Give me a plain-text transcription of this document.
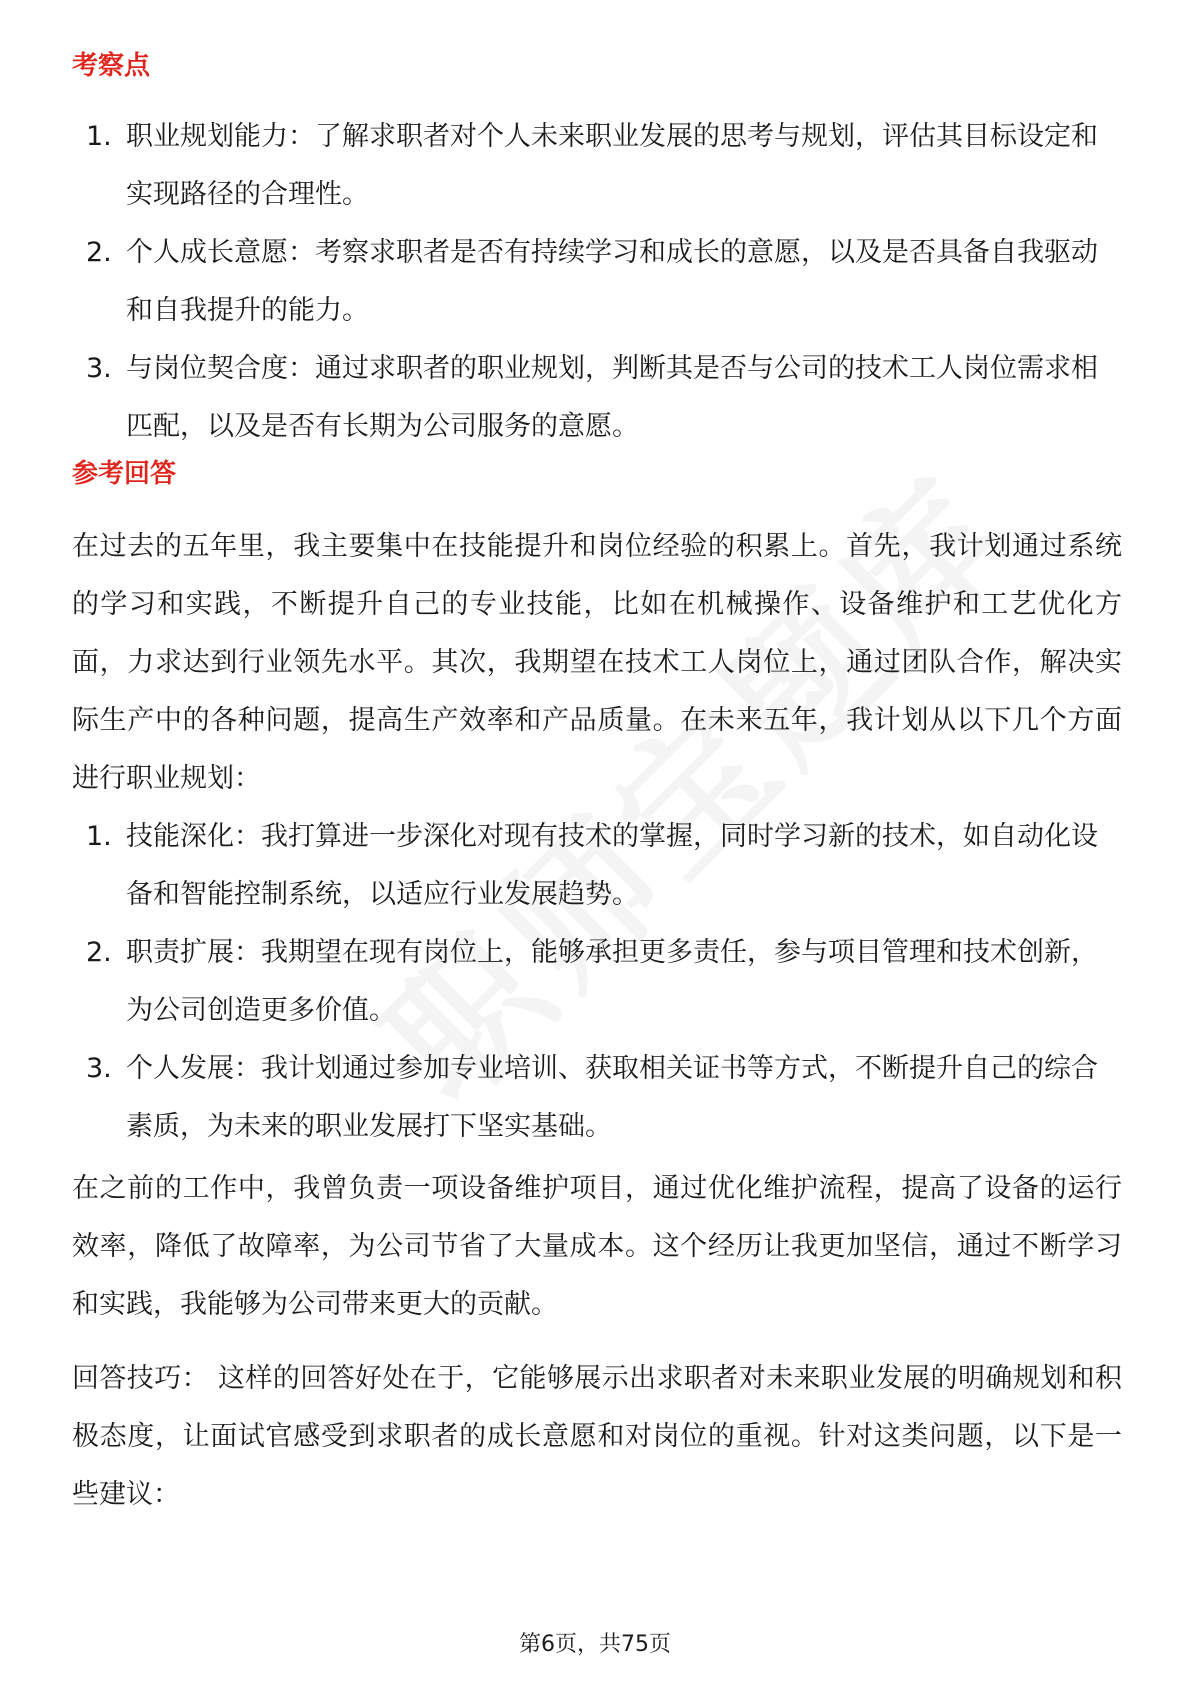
考察点
1. 职业规划能力：了解求职者对个人未来职业发展的思考与规划，评估其目标设定和实现路径的合理性。
2. 个人成长意愿：考察求职者是否有持续学习和成长的意愿，以及是否具备自我驱动和自我提升的能力。
3. 与岗位契合度：通过求职者的职业规划，判断其是否与公司的技术工人岗位需求相匹配，以及是否有长期为公司服务的意愿。
参考回答

在过去的五年里，我主要集中在技能提升和岗位经验的积累上。首先，我计划通过系统的学习和实践，不断提升自己的专业技能，比如在机械操作、设备维护和工艺优化方面，力求达到行业领先水平。其次，我期望在技术工人岗位上，通过团队合作，解决实际生产中的各种问题，提高生产效率和产品质量。在未来五年，我计划从以下几个方面进行职业规划：

1. 技能深化：我打算进一步深化对现有技术的掌握，同时学习新的技术，如自动化设备和智能控制系统，以适应行业发展趋势。
2. 职责扩展：我期望在现有岗位上，能够承担更多责任，参与项目管理和技术创新，为公司创造更多价值。
3. 个人发展：我计划通过参加专业培训、获取相关证书等方式，不断提升自己的综合素质，为未来的职业发展打下坚实基础。

在之前的工作中，我曾负责一项设备维护项目，通过优化维护流程，提高了设备的运行效率，降低了故障率，为公司节省了大量成本。这个经历让我更加坚信，通过不断学习和实践，我能够为公司带来更大的贡献。

回答技巧： 这样的回答好处在于，它能够展示出求职者对未来职业发展的明确规划和积极态度，让面试官感受到求职者的成长意愿和对岗位的重视。针对这类问题，以下是一些建议：

第6页，共75页
